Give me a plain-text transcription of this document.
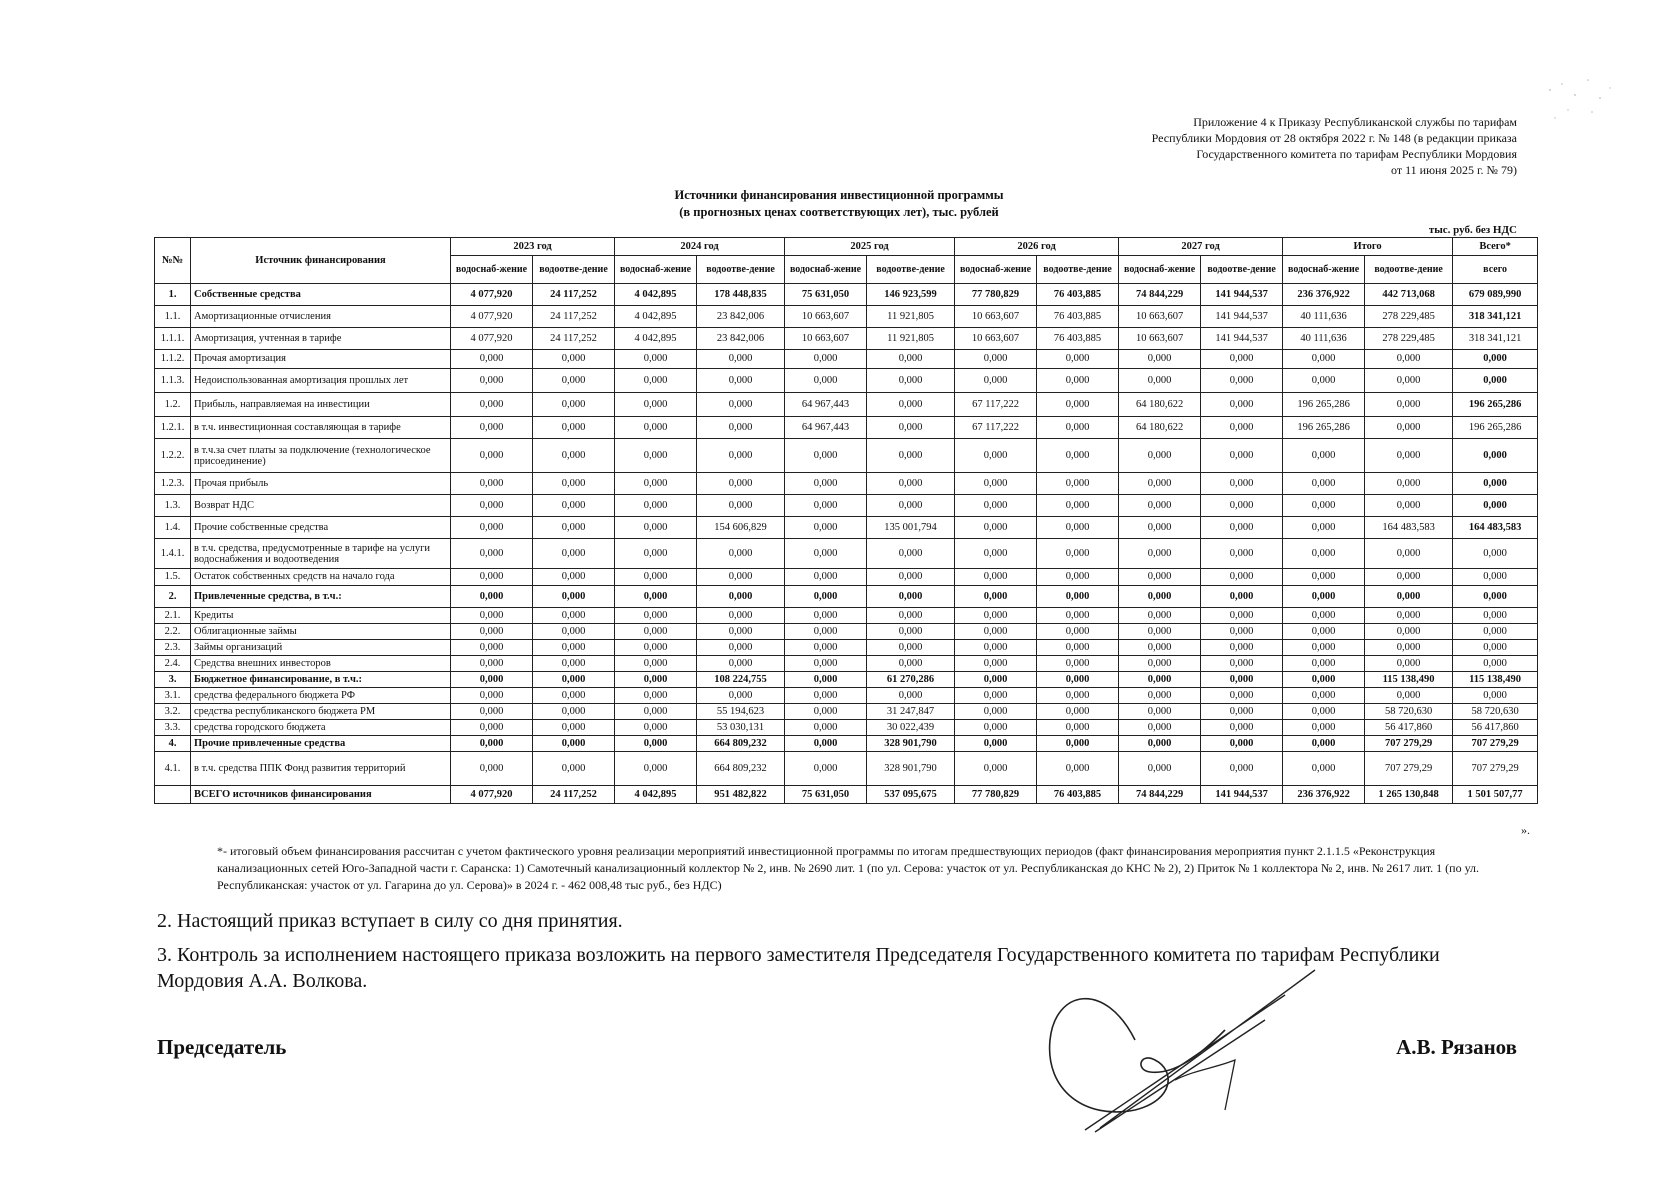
Приложение 4 к Приказу Республиканской службы по тарифам
Республики Мордовия от 28 октября 2022 г. № 148 (в редакции приказа
Государственного комитета по тарифам Республики Мордовия
от 11 июня 2025 г. № 79)
Источники финансирования инвестиционной программы
(в прогнозных ценах соответствующих лет), тыс. рублей
тыс. руб. без НДС
№№	Источник финансирования	2023 год		2024 год		2025 год		2026 год		2027 год		Итого		Всего*
		водоснаб-жение	водоотве-дение	водоснаб-жение	водоотве-дение	водоснаб-жение	водоотве-дение	водоснаб-жение	водоотве-дение	водоснаб-жение	водоотве-дение	водоснаб-жение	водоотве-дение	всего

1.	Собственные средства	4 077,920	24 117,252	4 042,895	178 448,835	75 631,050	146 923,599	77 780,829	76 403,885	74 844,229	141 944,537	236 376,922	442 713,068	679 089,990
1.1.	Амортизационные отчисления	4 077,920	24 117,252	4 042,895	23 842,006	10 663,607	11 921,805	10 663,607	76 403,885	10 663,607	141 944,537	40 111,636	278 229,485	318 341,121
1.1.1.	Амортизация, учтенная в тарифе	4 077,920	24 117,252	4 042,895	23 842,006	10 663,607	11 921,805	10 663,607	76 403,885	10 663,607	141 944,537	40 111,636	278 229,485	318 341,121
1.1.2.	Прочая амортизация	0,000	0,000	0,000	0,000	0,000	0,000	0,000	0,000	0,000	0,000	0,000	0,000	0,000
1.1.3.	Недоиспользованная амортизация прошлых лет	0,000	0,000	0,000	0,000	0,000	0,000	0,000	0,000	0,000	0,000	0,000	0,000	0,000
1.2.	Прибыль, направляемая на инвестиции	0,000	0,000	0,000	0,000	64 967,443	0,000	67 117,222	0,000	64 180,622	0,000	196 265,286	0,000	196 265,286
1.2.1.	в т.ч. инвестиционная составляющая в тарифе	0,000	0,000	0,000	0,000	64 967,443	0,000	67 117,222	0,000	64 180,622	0,000	196 265,286	0,000	196 265,286
1.2.2.	в т.ч.за счет платы за подключение (технологическое присоединение)	0,000	0,000	0,000	0,000	0,000	0,000	0,000	0,000	0,000	0,000	0,000	0,000	0,000
1.2.3.	Прочая прибыль	0,000	0,000	0,000	0,000	0,000	0,000	0,000	0,000	0,000	0,000	0,000	0,000	0,000
1.3.	Возврат НДС	0,000	0,000	0,000	0,000	0,000	0,000	0,000	0,000	0,000	0,000	0,000	0,000	0,000
1.4.	Прочие собственные средства	0,000	0,000	0,000	154 606,829	0,000	135 001,794	0,000	0,000	0,000	0,000	0,000	164 483,583	164 483,583
1.4.1.	в т.ч. средства, предусмотренные в тарифе на услуги водоснабжения и водоотведения	0,000	0,000	0,000	0,000	0,000	0,000	0,000	0,000	0,000	0,000	0,000	0,000	0,000
1.5.	Остаток собственных средств на начало года	0,000	0,000	0,000	0,000	0,000	0,000	0,000	0,000	0,000	0,000	0,000	0,000	0,000
2.	Привлеченные средства, в т.ч.:	0,000	0,000	0,000	0,000	0,000	0,000	0,000	0,000	0,000	0,000	0,000	0,000	0,000
2.1.	Кредиты	0,000	0,000	0,000	0,000	0,000	0,000	0,000	0,000	0,000	0,000	0,000	0,000	0,000
2.2.	Облигационные займы	0,000	0,000	0,000	0,000	0,000	0,000	0,000	0,000	0,000	0,000	0,000	0,000	0,000
2.3.	Займы организаций	0,000	0,000	0,000	0,000	0,000	0,000	0,000	0,000	0,000	0,000	0,000	0,000	0,000
2.4.	Средства внешних инвесторов	0,000	0,000	0,000	0,000	0,000	0,000	0,000	0,000	0,000	0,000	0,000	0,000	0,000
3.	Бюджетное финансирование, в т.ч.:	0,000	0,000	0,000	108 224,755	0,000	61 270,286	0,000	0,000	0,000	0,000	0,000	115 138,490	115 138,490
3.1.	средства федерального бюджета РФ	0,000	0,000	0,000	0,000	0,000	0,000	0,000	0,000	0,000	0,000	0,000	0,000	0,000
3.2.	средства республиканского бюджета РМ	0,000	0,000	0,000	55 194,623	0,000	31 247,847	0,000	0,000	0,000	0,000	0,000	58 720,630	58 720,630
3.3.	средства городского бюджета	0,000	0,000	0,000	53 030,131	0,000	30 022,439	0,000	0,000	0,000	0,000	0,000	56 417,860	56 417,860
4.	Прочие привлеченные средства	0,000	0,000	0,000	664 809,232	0,000	328 901,790	0,000	0,000	0,000	0,000	0,000	707 279,29	707 279,29
4.1.	в т.ч. средства ППК Фонд развития территорий	0,000	0,000	0,000	664 809,232	0,000	328 901,790	0,000	0,000	0,000	0,000	0,000	707 279,29	707 279,29
	ВСЕГО источников финансирования	4 077,920	24 117,252	4 042,895	951 482,822	75 631,050	537 095,675	77 780,829	76 403,885	74 844,229	141 944,537	236 376,922	1 265 130,848	1 501 507,77
».
*- итоговый объем финансирования рассчитан с учетом фактического уровня реализации мероприятий инвестиционной программы по итогам предшествующих периодов (факт финансирования мероприятия пункт 2.1.1.5 «Реконструкция канализационных сетей Юго-Западной части г. Саранска: 1) Самотечный канализационный коллектор № 2, инв. № 2690 лит. 1 (по ул. Серова: участок от ул. Республиканская до КНС № 2), 2) Приток № 1 коллектора № 2, инв. № 2617 лит. 1 (по ул. Республиканская: участок от ул. Гагарина до ул. Серова)» в 2024 г. - 462 008,48 тыс руб., без НДС)
2. Настоящий приказ вступает в силу со дня принятия.
3. Контроль за исполнением настоящего приказа возложить на первого заместителя Председателя Государственного комитета по тарифам Республики Мордовия А.А. Волкова.
Председатель	А.В. Рязанов
